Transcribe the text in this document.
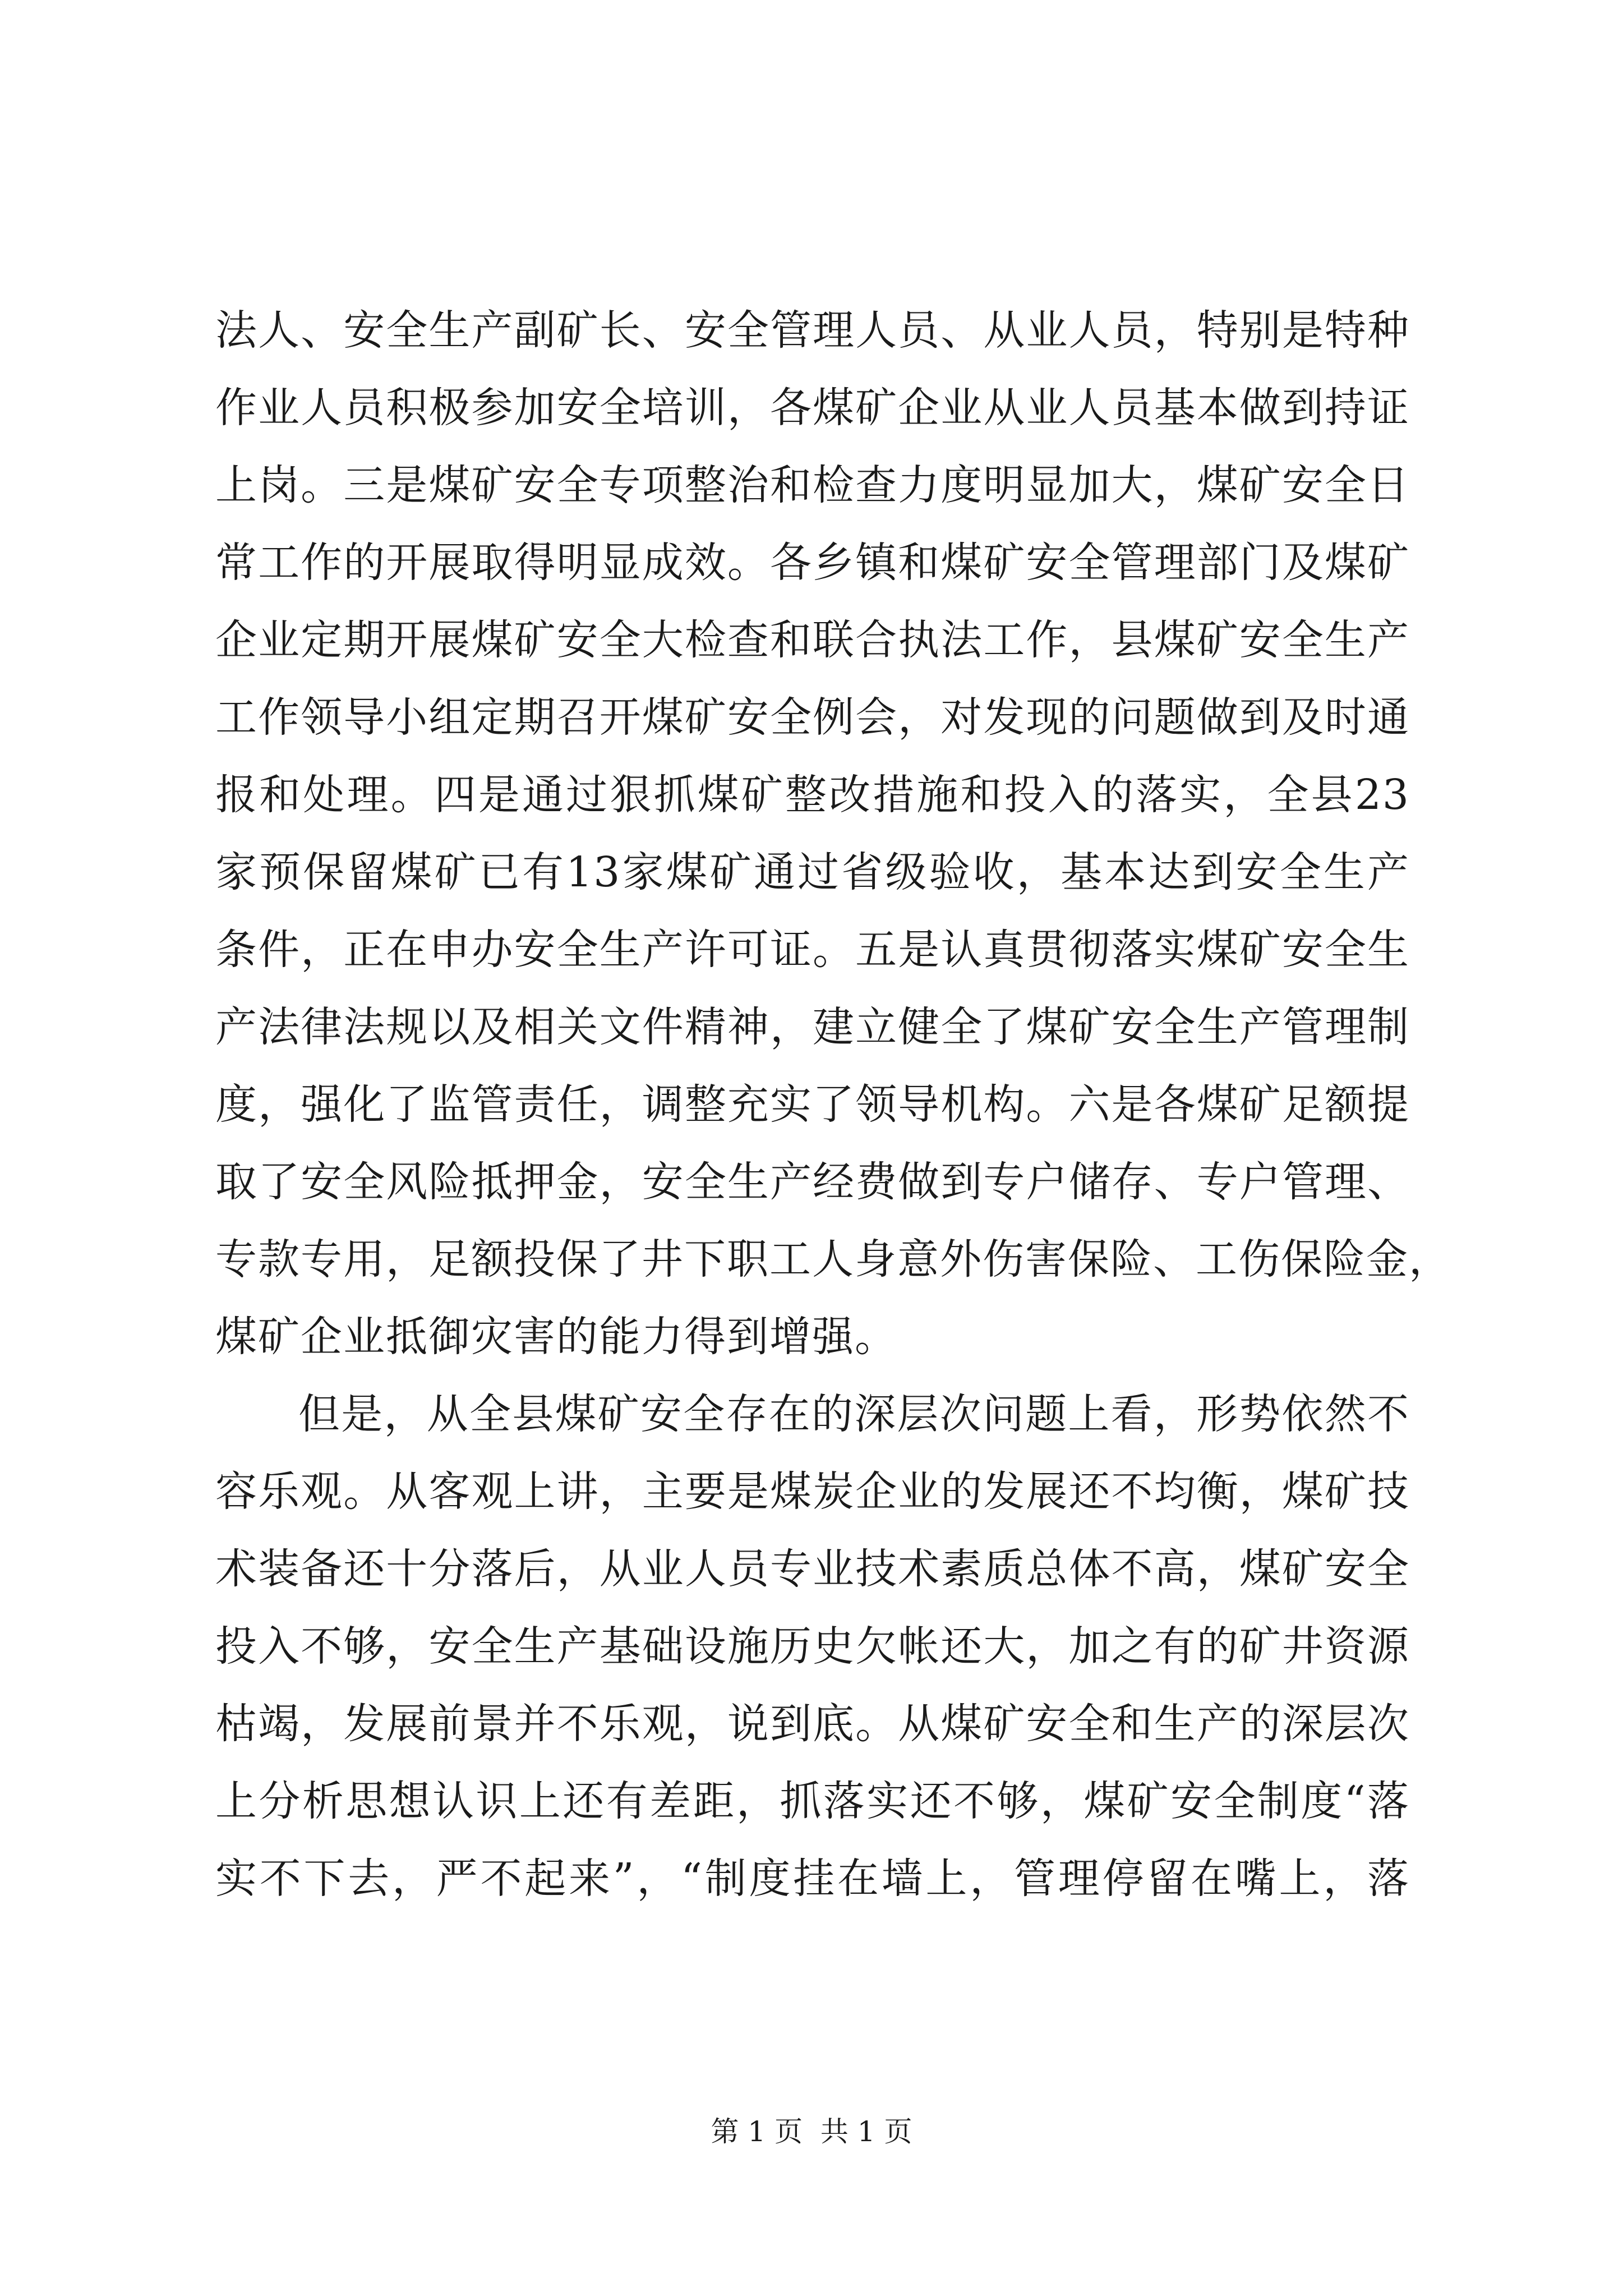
法人、安全生产副矿长、安全管理人员、从业人员，特别是特种
作业人员积极参加安全培训，各煤矿企业从业人员基本做到持证
上岗。三是煤矿安全专项整治和检查力度明显加大，煤矿安全日
常工作的开展取得明显成效。各乡镇和煤矿安全管理部门及煤矿
企业定期开展煤矿安全大检查和联合执法工作，县煤矿安全生产
工作领导小组定期召开煤矿安全例会，对发现的问题做到及时通
报和处理。四是通过狠抓煤矿整改措施和投入的落实，全县23
家预保留煤矿已有13家煤矿通过省级验收，基本达到安全生产
条件，正在申办安全生产许可证。五是认真贯彻落实煤矿安全生
产法律法规以及相关文件精神，建立健全了煤矿安全生产管理制
度，强化了监管责任，调整充实了领导机构。六是各煤矿足额提
取了安全风险抵押金，安全生产经费做到专户储存、专户管理、
专款专用，足额投保了井下职工人身意外伤害保险、工伤保险金，
煤矿企业抵御灾害的能力得到增强。
但是，从全县煤矿安全存在的深层次问题上看，形势依然不
容乐观。从客观上讲，主要是煤炭企业的发展还不均衡，煤矿技
术装备还十分落后，从业人员专业技术素质总体不高，煤矿安全
投入不够，安全生产基础设施历史欠帐还大，加之有的矿井资源
枯竭，发展前景并不乐观，说到底。从煤矿安全和生产的深层次
上分析思想认识上还有差距，抓落实还不够，煤矿安全制度“落
实不下去，严不起来”，“制度挂在墙上，管理停留在嘴上，落
第 1 页  共 1 页
